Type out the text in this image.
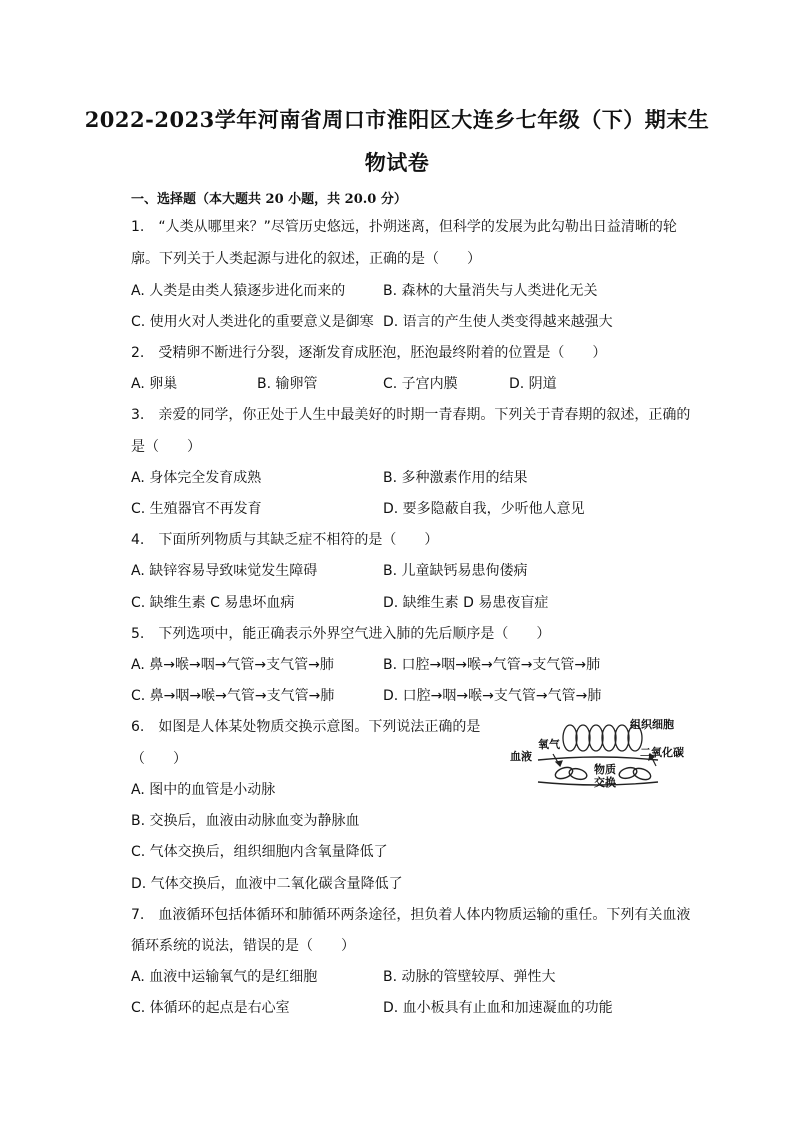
2022-2023学年河南省周口市淮阳区大连乡七年级（下）期末生
物试卷
一、选择题（本大题共 20 小题，共 20.0 分）
1.　“人类从哪里来？”尽管历史悠远，扑朔迷离，但科学的发展为此勾勒出日益清晰的轮
廓。下列关于人类起源与进化的叙述，正确的是（　　）
A. 人类是由类人猿逐步进化而来的	B. 森林的大量消失与人类进化无关
C. 使用火对人类进化的重要意义是御寒 D. 语言的产生使人类变得越来越强大
2.　受精卵不断进行分裂，逐渐发育成胚泡，胚泡最终附着的位置是（　　）
A. 卵巢	B. 输卵管	C. 子宫内膜	D. 阴道
3.　亲爱的同学，你正处于人生中最美好的时期一青春期。下列关于青春期的叙述，正确的
是（　　）
A. 身体完全发育成熟	B. 多种激素作用的结果
C. 生殖器官不再发育	D. 要多隐蔽自我，少听他人意见
4.　下面所列物质与其缺乏症不相符的是（　　）
A. 缺锌容易导致味觉发生障碍	B. 儿童缺钙易患佝偻病
C. 缺维生素 C 易患坏血病	D. 缺维生素 D 易患夜盲症
5.　下列选项中，能正确表示外界空气进入肺的先后顺序是（　　）
A. 鼻→喉→咽→气管→支气管→肺	B. 口腔→咽→喉→气管→支气管→肺
C. 鼻→咽→喉→气管→支气管→肺	D. 口腔→咽→喉→支气管→气管→肺
6.　如图是人体某处物质交换示意图。下列说法正确的是
（　　）
A. 图中的血管是小动脉
B. 交换后，血液由动脉血变为静脉血
C. 气体交换后，组织细胞内含氧量降低了
D. 气体交换后，血液中二氧化碳含量降低了
组织细胞
血液
氧气
二氧化碳
物质
交换
7.　血液循环包括体循环和肺循环两条途径，担负着人体内物质运输的重任。下列有关血液
循环系统的说法，错误的是（　　）
A. 血液中运输氧气的是红细胞	B. 动脉的管壁较厚、弹性大
C. 体循环的起点是右心室	D. 血小板具有止血和加速凝血的功能
